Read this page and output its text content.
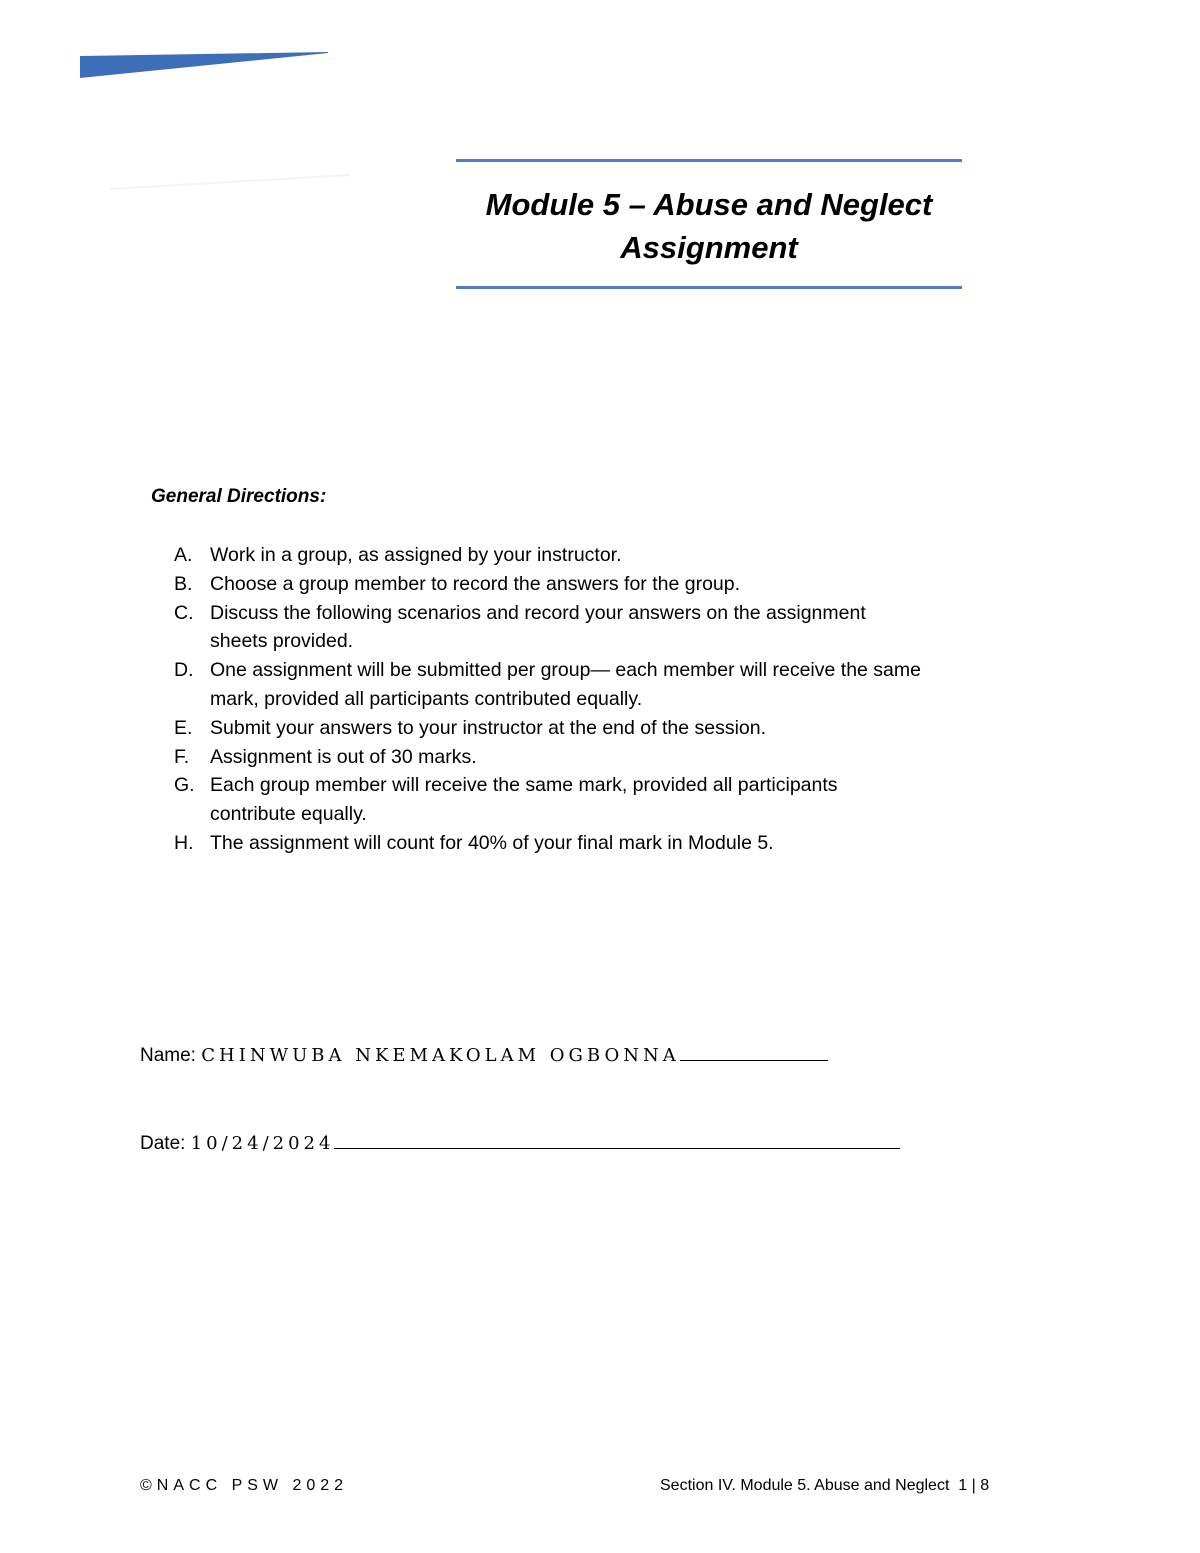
Module 5 – Abuse and Neglect
Assignment
General Directions:
A. Work in a group, as assigned by your instructor.
B. Choose a group member to record the answers for the group.
C. Discuss the following scenarios and record your answers on the assignment sheets provided.
D. One assignment will be submitted per group— each member will receive the same mark, provided all participants contributed equally.
E. Submit your answers to your instructor at the end of the session.
F. Assignment is out of 30 marks.
G. Each group member will receive the same mark, provided all participants contribute equally.
H. The assignment will count for 40% of your final mark in Module 5.
Name: CHINWUBA NKEMAKOLAM OGBONNA
Date: 10/24/2024
©NACC PSW 2022	Section IV. Module 5. Abuse and Neglect 1 | 8
